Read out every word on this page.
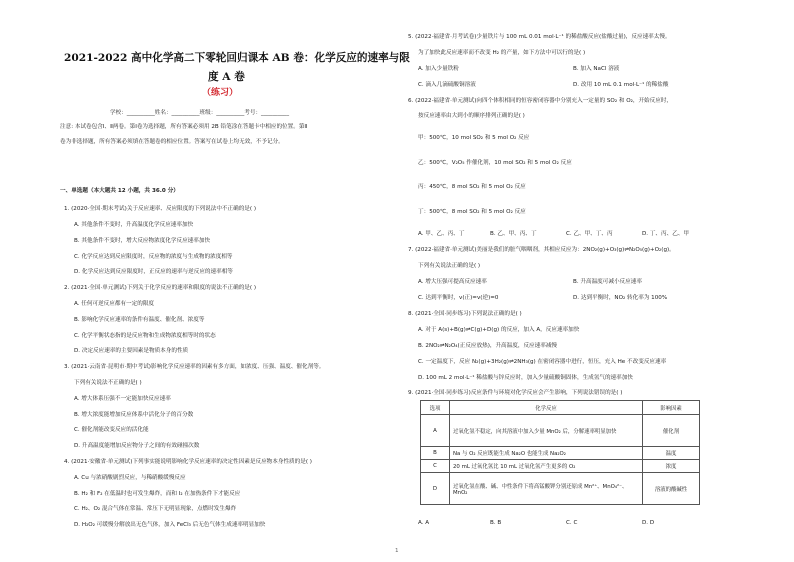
2021-2022 高中化学高二下零轮回归课本 AB 卷：化学反应的速率与限
度 A 卷
（练习）
学校：__________姓名：__________班级：__________考号：__________
注意: 本试卷包含Ⅰ、Ⅱ两卷。第Ⅰ卷为选择题，所有答案必须用 2B 铅笔涂在答题卡中相应的位置。第Ⅱ
卷为非选择题，所有答案必须填在答题卷的相应位置。答案写在试卷上均无效，不予记分。
一、单选题（本大题共 12 小题，共 36.0 分）
1. (2020·全国·期末考试)关于反应速率、反应限度的下列说法中不正确的是( )
A. 其他条件不变时，升高温度化学反应速率加快
B. 其他条件不变时，增大反应物浓度化学反应速率加快
C. 化学反应达到反应限度时，反应物的浓度与生成物的浓度相等
D. 化学反应达到反应限度时，正反应的速率与逆反应的速率相等
2. (2021·全国·单元测试)下列关于化学反应的速率和限度的说法不正确的是( )
A. 任何可逆反应都有一定的限度
B. 影响化学反应速率的条件有温度、催化剂、浓度等
C. 化学平衡状态指的是反应物和生成物浓度相等时的状态
D. 决定反应速率的主要因素是物质本身的性质
3. (2021·云南省·昆明市·期中考试)影响化学反应速率的因素有多方面，如浓度、压强、温度、催化剂等。
下列有关说法不正确的是( )
A. 增大体系压强不一定能加快反应速率
B. 增大浓度能增加反应体系中活化分子的百分数
C. 催化剂能改变反应的活化能
D. 升高温度能增加反应物分子之间的有效碰撞次数
4. (2021·安徽省·单元测试)下列事实能说明影响化学反应速率的决定性因素是反应物本身性质的是( )
A. Cu 与浓硝酸剧烈反应，与稀硝酸缓慢反应
B. H₂ 和 F₂ 在低温时也可发生爆炸，而和 I₂ 在加热条件下才能反应
C. H₂、O₂ 混合气体在常温、常压下无明显现象，点燃时发生爆炸
D. H₂O₂ 可缓慢分解放出无色气体，加入 FeCl₃ 后无色气体生成速率明显加快
5. (2022·福建省·月考试卷)少量铁片与 100 mL 0.01 mol·L⁻¹ 的稀盐酸反应(盐酸过量)，反应速率太慢。
为了加快此反应速率而不改变 H₂ 的产量，如下方法中可以行的是( )
A. 加入少量铁粉	B. 加入 NaCl 溶液
C. 滴入几滴硫酸铜溶液	D. 改用 10 mL 0.1 mol·L⁻¹ 的稀盐酸
6. (2022·福建省·单元测试)向四个体积相同的恒容密闭容器中分别充入一定量的 SO₂ 和 O₂，开始反应时，
按反应速率由大到小的顺序排列正确的是( )
甲：500℃，10 mol SO₂ 和 5 mol O₂ 反应
乙：500℃，V₂O₅ 作催化剂，10 mol SO₂ 和 5 mol O₂ 反应
丙：450℃，8 mol SO₂ 和 5 mol O₂ 反应
丁：500℃，8 mol SO₂ 和 5 mol O₂ 反应
A. 甲、乙、丙、丁	B. 乙、甲、丙、丁	C. 乙、甲、丁、丙	D. 丁、丙、乙、甲
7. (2022·福建省·单元测试)美丽是我们的脏气咽咽剂，其相应反应为：2NO₂(g)+O₃(g)⇌N₂O₅(g)+O₂(g)。
下列有关说法正确的是( )
A. 增大压强可提高反应速率	B. 升高温度可减小反应速率
C. 达到平衡时，v(正)=v(逆)=0	D. 达到平衡时，NO₂ 转化率为 100%
8. (2021·全国·同步练习)下列说法正确的是( )
A. 对于 A(s)+B(g)⇌C(g)+D(g) 的反应，加入 A，反应速率加快
B. 2NO₂⇌N₂O₄(正反应放热)，升高温度，反应速率减慢
C. 一定温度下，反应 N₂(g)+3H₂(g)⇌2NH₃(g) 在密闭容器中进行，恒压，充入 He 不改变反应速率
D. 100 mL 2 mol·L⁻¹ 稀盐酸与锌反应时，加入少量硫酸铜固体，生成氢气的速率加快
9. (2021·全国·同步练习)反应条件与环境对化学反应会产生影响，下列说法错误的是( )
选项	化学反应	影响因素
A	过氧化氢不稳定，向其溶液中加入少量 MnO₂ 后，分解速率明显加快	催化剂
B	Na 与 O₂ 反应既能生成 Na₂O 也能生成 Na₂O₂	温度
C	20 mL 过氧化氢比 10 mL 过氧化氢产生更多的 O₂	浓度
D	过氧化氢在酸、碱、中性条件下将高锰酸钾分别还原成 Mn²⁺、MnO₄²⁻、MnO₂	溶液的酸碱性
A. A	B. B	C. C	D. D
1
